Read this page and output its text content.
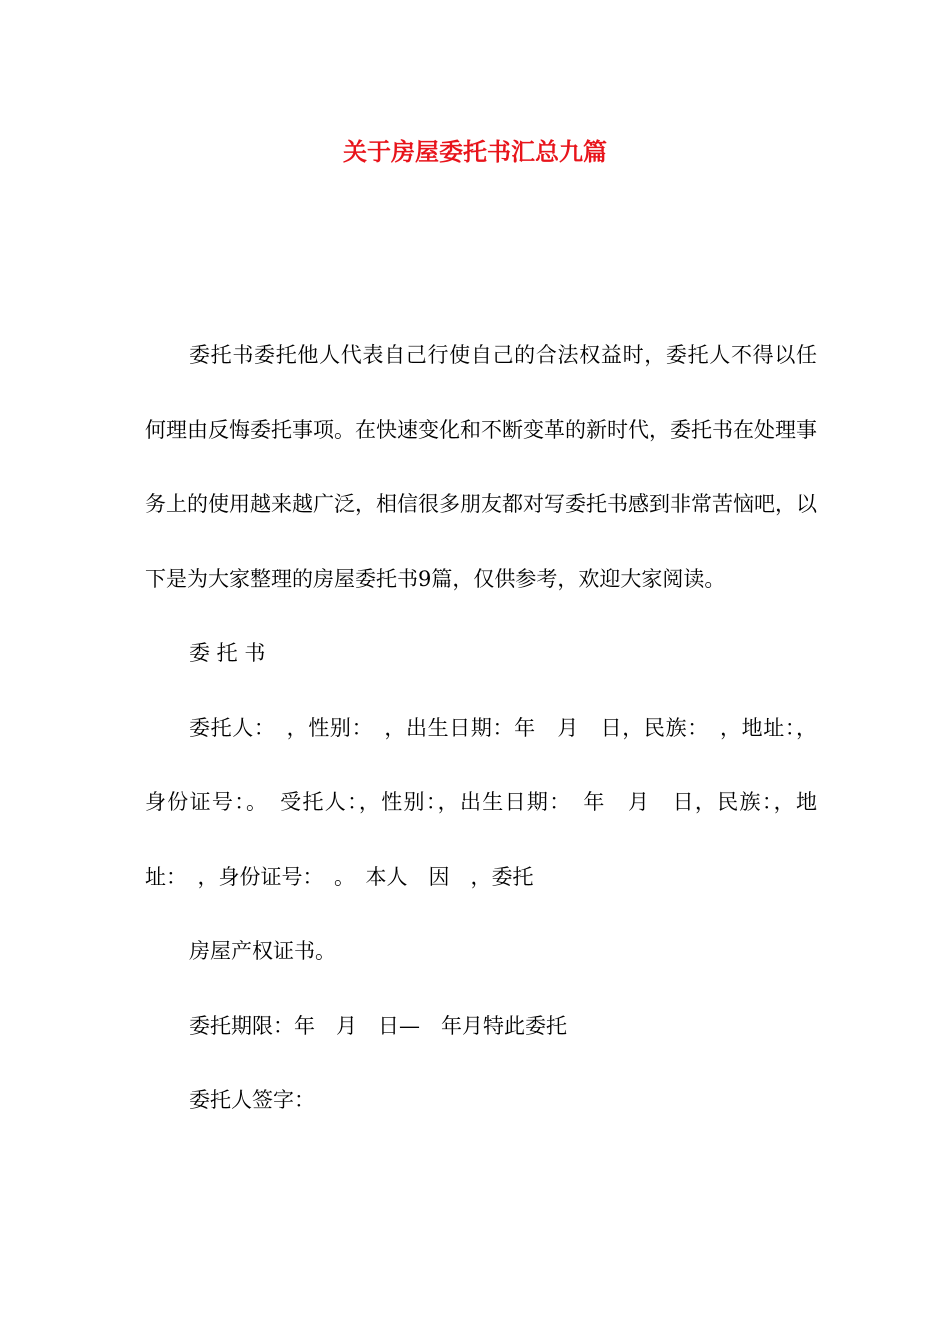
关于房屋委托书汇总九篇

委托书委托他人代表自己行使自己的合法权益时，委托人不得以任何理由反悔委托事项。在快速变化和不断变革的新时代，委托书在处理事务上的使用越来越广泛，相信很多朋友都对写委托书感到非常苦恼吧，以下是为大家整理的房屋委托书9篇，仅供参考，欢迎大家阅读。

委 托 书

委托人：　，性别：　，出生日期：年　月　日，民族：　，地址：，身份证号：。　受托人：，性别：，出生日期：　年　月　日，民族：，地址：　，身份证号：　。　本人　因　，委托

房屋产权证书。

委托期限：年　月　日—　年月特此委托

委托人签字：
